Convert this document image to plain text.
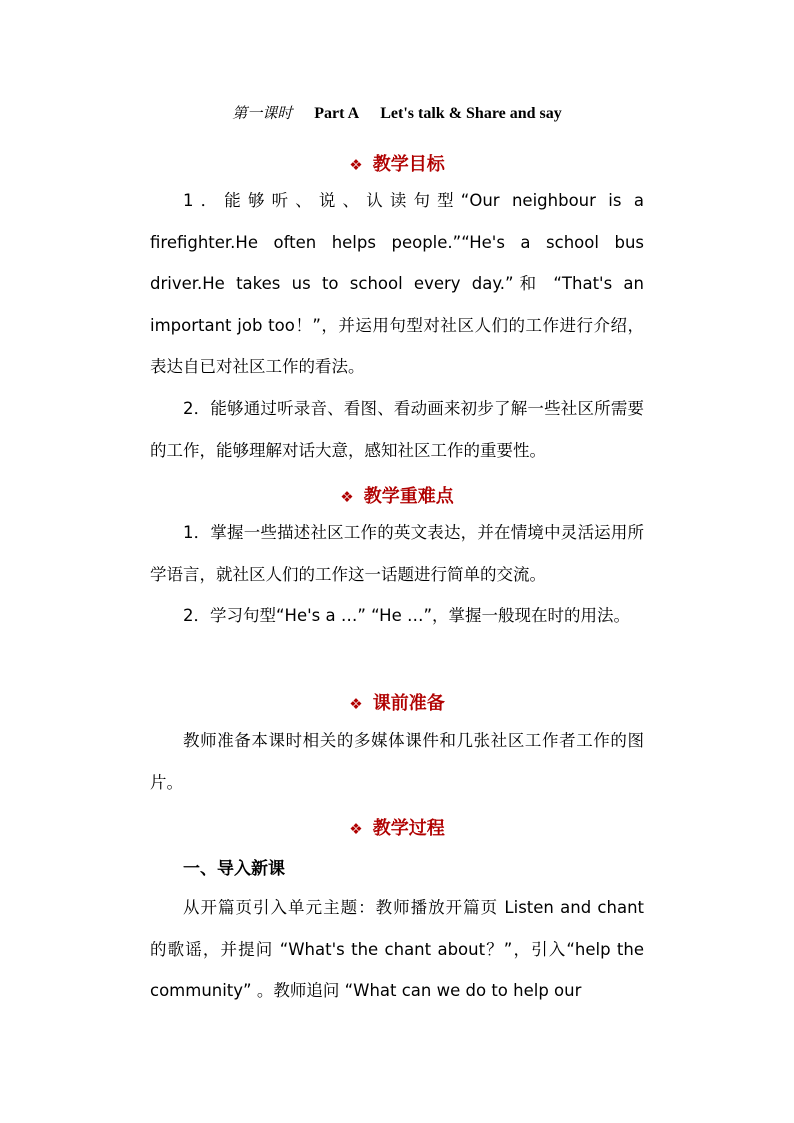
第一课时 Part A Let's talk & Share and say
❖ 教学目标
1．能够听、说、认读句型“Our neighbour is a firefighter.He often helps people.”“He's a school bus driver.He takes us to school every day.”和 “That's an important job too！”，并运用句型对社区人们的工作进行介绍，表达自已对社区工作的看法。
2．能够通过听录音、看图、看动画来初步了解一些社区所需要的工作，能够理解对话大意，感知社区工作的重要性。
❖ 教学重难点
1．掌握一些描述社区工作的英文表达，并在情境中灵活运用所学语言，就社区人们的工作这一话题进行简单的交流。
2．学习句型“He's a …” “He …”，掌握一般现在时的用法。
❖ 课前准备
教师准备本课时相关的多媒体课件和几张社区工作者工作的图片。
❖ 教学过程
一、导入新课
从开篇页引入单元主题：教师播放开篇页 Listen and chant 的歌谣，并提问 “What's the chant about？”，引入“help the community” 。教师追问 “What can we do to help our
